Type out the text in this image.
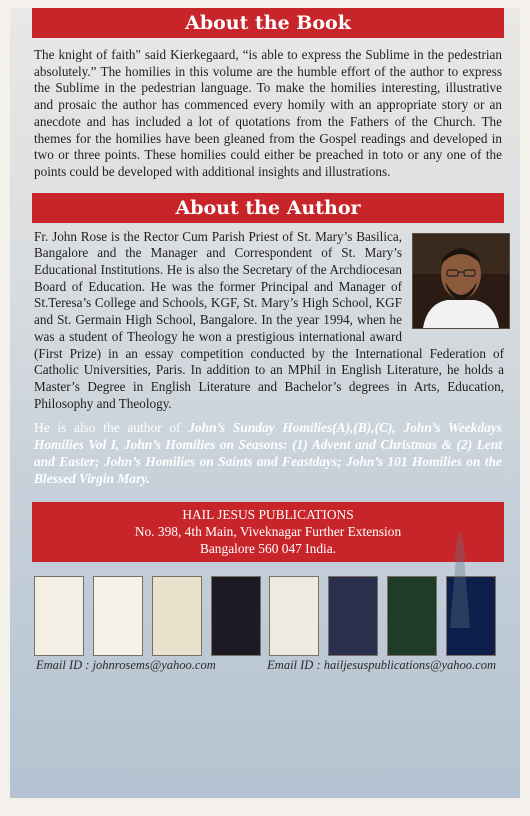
About the Book

The knight of faith" said Kierkegaard, “is able to express the Sublime in the pedestrian absolutely.” The homilies in this volume are the humble effort of the author to express the Sublime in the pedestrian language. To make the homilies interesting, illustrative and prosaic the author has commenced every homily with an appropriate story or an anecdote and has included a lot of quotations from the Fathers of the Church. The themes for the homilies have been gleaned from the Gospel readings and developed in two or three points. These homilies could either be preached in toto or any one of the points could be developed with additional insights and illustrations.

About the Author

Fr. John Rose is the Rector Cum Parish Priest of St. Mary’s Basilica, Bangalore and the Manager and Correspondent of St. Mary’s Educational Institutions. He is also the Secretary of the Archdiocesan Board of Education. He was the former Principal and Manager of St.Teresa’s College and Schools, KGF, St. Mary’s High School, KGF and St. Germain High School, Bangalore. In the year 1994, when he was a student of Theology he won a prestigious international award (First Prize) in an essay competition conducted by the International Federation of Catholic Universities, Paris. In addition to an MPhil in English Literature, he holds a Master’s Degree in English Literature and Bachelor’s degrees in Arts, Education, Philosophy and Theology.

He is also the author of John’s Sunday Homilies(A),(B),(C), John’s Weekdays Homilies Vol I, John’s Homilies on Seasons: (1) Advent and Christmas & (2) Lent and Easter; John’s Homilies on Saints and Feastdays; John’s 101 Homilies on the Blessed Virgin Mary.

HAIL JESUS PUBLICATIONS
No. 398, 4th Main, Viveknagar Further Extension
Bangalore 560 047 India.
Email ID : johnrosems@yahoo.com	Email ID : hailjesuspublications@yahoo.com
